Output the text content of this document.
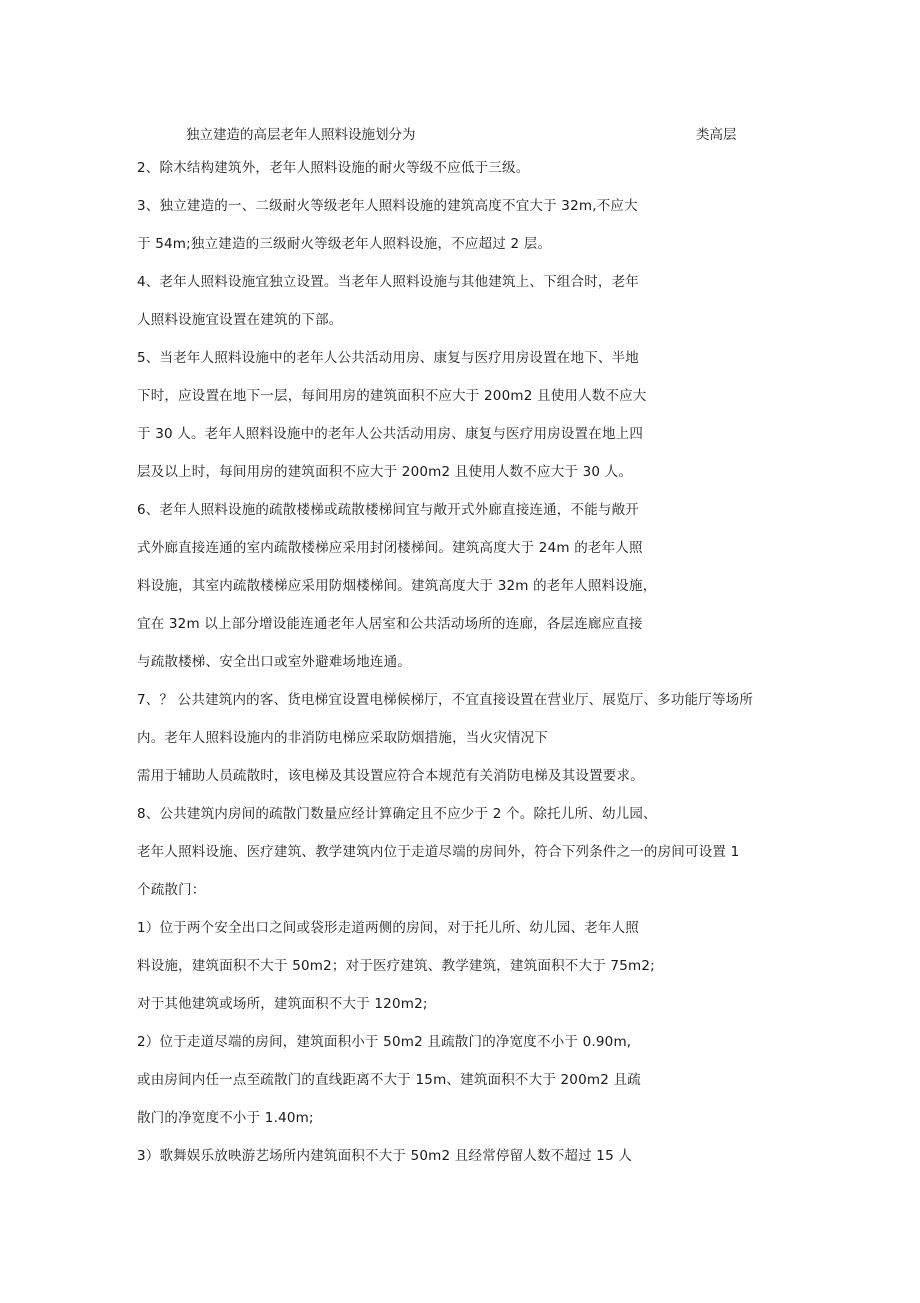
独立建造的高层老年人照料设施划分为	类高层
2、除木结构建筑外，老年人照料设施的耐火等级不应低于三级。
3、独立建造的一、二级耐火等级老年人照料设施的建筑高度不宜大于 32m,不应大
于 54m;独立建造的三级耐火等级老年人照料设施，不应超过 2 层。
4、老年人照料设施宜独立设置。当老年人照料设施与其他建筑上、下组合时，老年
人照料设施宜设置在建筑的下部。
5、当老年人照料设施中的老年人公共活动用房、康复与医疗用房设置在地下、半地
下时，应设置在地下一层，每间用房的建筑面积不应大于 200m2 且使用人数不应大
于 30 人。老年人照料设施中的老年人公共活动用房、康复与医疗用房设置在地上四
层及以上时，每间用房的建筑面积不应大于 200m2 且使用人数不应大于 30 人。
6、老年人照料设施的疏散楼梯或疏散楼梯间宜与敞开式外廊直接连通，不能与敞开
式外廊直接连通的室内疏散楼梯应采用封闭楼梯间。建筑高度大于 24m 的老年人照
料设施，其室内疏散楼梯应采用防烟楼梯间。建筑高度大于 32m 的老年人照料设施，
宜在 32m 以上部分增设能连通老年人居室和公共活动场所的连廊，各层连廊应直接
与疏散楼梯、安全出口或室外避难场地连通。
7、？ 公共建筑内的客、货电梯宜设置电梯候梯厅，不宜直接设置在营业厅、展览厅、多功能厅等场所
内。老年人照料设施内的非消防电梯应采取防烟措施，当火灾情况下
需用于辅助人员疏散时，该电梯及其设置应符合本规范有关消防电梯及其设置要求。
8、公共建筑内房间的疏散门数量应经计算确定且不应少于 2 个。除托儿所、幼儿园、
老年人照料设施、医疗建筑、教学建筑内位于走道尽端的房间外，符合下列条件之一的房间可设置 1
个疏散门：
1）位于两个安全出口之间或袋形走道两侧的房间，对于托儿所、幼儿园、老年人照
料设施，建筑面积不大于 50m2；对于医疗建筑、教学建筑，建筑面积不大于 75m2;
对于其他建筑或场所，建筑面积不大于 120m2;
2）位于走道尽端的房间，建筑面积小于 50m2 且疏散门的净宽度不小于 0.90m,
或由房间内任一点至疏散门的直线距离不大于 15m、建筑面积不大于 200m2 且疏
散门的净宽度不小于 1.40m;
3）歌舞娱乐放映游艺场所内建筑面积不大于 50m2 且经常停留人数不超过 15 人
